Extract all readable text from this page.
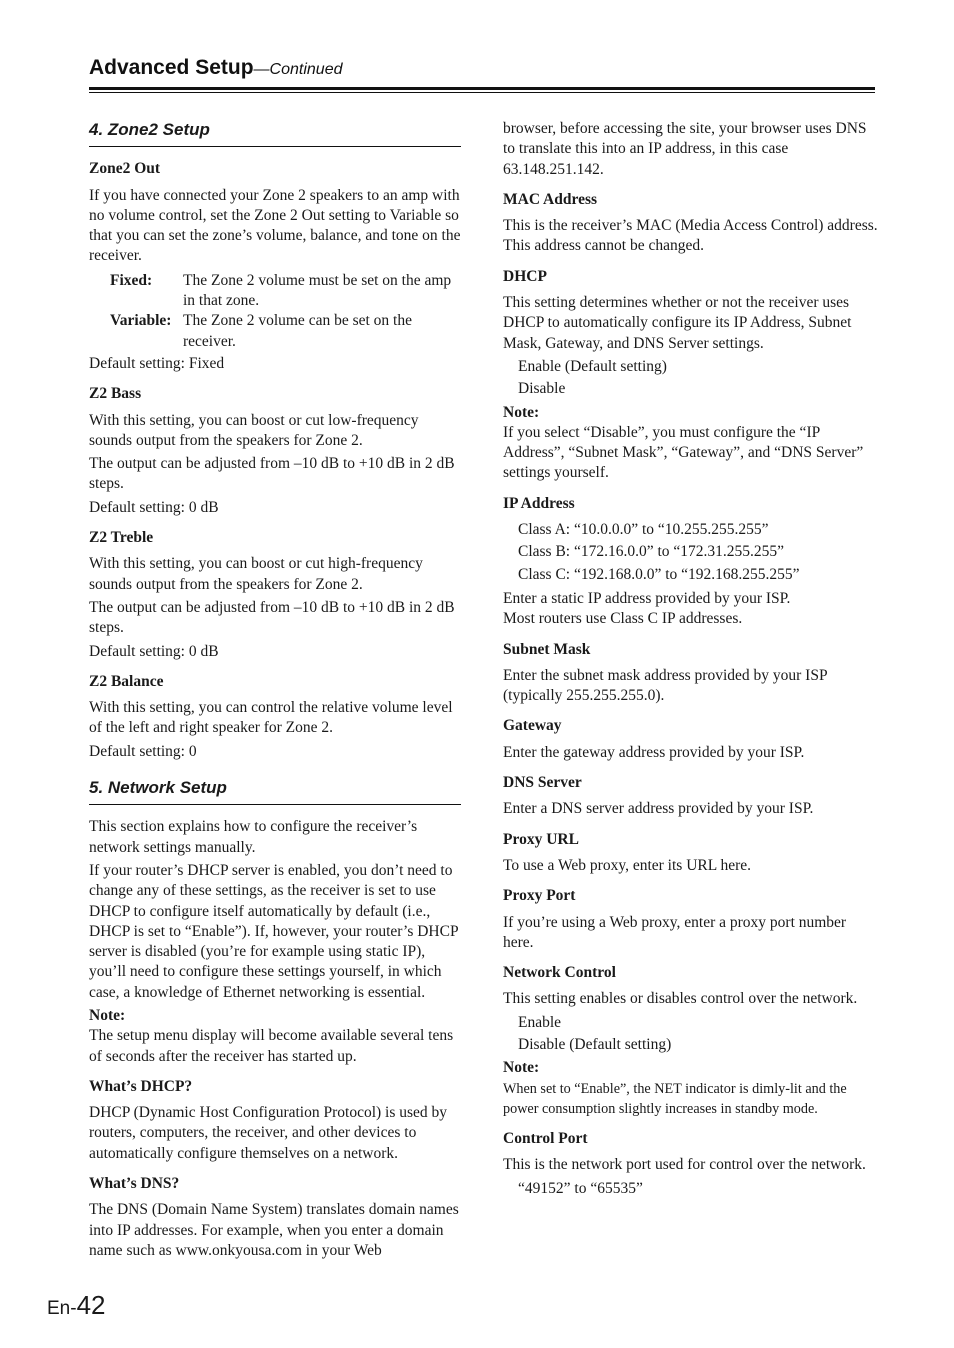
Advanced Setup—Continued
4. Zone2 Setup
Zone2 Out

If you have connected your Zone 2 speakers to an amp with no volume control, set the Zone 2 Out setting to Variable so that you can set the zone’s volume, balance, and tone on the receiver.

Fixed:	The Zone 2 volume must be set on the amp in that zone.
Variable: The Zone 2 volume can be set on the receiver.

Default setting: Fixed

Z2 Bass

With this setting, you can boost or cut low-frequency sounds output from the speakers for Zone 2.

The output can be adjusted from –10 dB to +10 dB in 2 dB steps.

Default setting: 0 dB

Z2 Treble

With this setting, you can boost or cut high-frequency sounds output from the speakers for Zone 2.

The output can be adjusted from –10 dB to +10 dB in 2 dB steps.

Default setting: 0 dB

Z2 Balance

With this setting, you can control the relative volume level of the left and right speaker for Zone 2.

Default setting: 0

5. Network Setup

This section explains how to configure the receiver’s network settings manually.

If your router’s DHCP server is enabled, you don’t need to change any of these settings, as the receiver is set to use DHCP to configure itself automatically by default (i.e., DHCP is set to “Enable”). If, however, your router’s DHCP server is disabled (you’re for example using static IP), you’ll need to configure these settings yourself, in which case, a knowledge of Ethernet networking is essential.

Note:

The setup menu display will become available several tens of seconds after the receiver has started up.

What’s DHCP?

DHCP (Dynamic Host Configuration Protocol) is used by routers, computers, the receiver, and other devices to automatically configure themselves on a network.

What’s DNS?

The DNS (Domain Name System) translates domain names into IP addresses. For example, when you enter a domain name such as www.onkyousa.com in your Web

browser, before accessing the site, your browser uses DNS to translate this into an IP address, in this case 63.148.251.142.

MAC Address

This is the receiver’s MAC (Media Access Control) address. This address cannot be changed.

DHCP

This setting determines whether or not the receiver uses DHCP to automatically configure its IP Address, Subnet Mask, Gateway, and DNS Server settings.

Enable (Default setting)

Disable

Note:

If you select “Disable”, you must configure the “IP Address”, “Subnet Mask”, “Gateway”, and “DNS Server” settings yourself.

IP Address

Class A: “10.0.0.0” to “10.255.255.255”

Class B: “172.16.0.0” to “172.31.255.255”

Class C: “192.168.0.0” to “192.168.255.255”

Enter a static IP address provided by your ISP.

Most routers use Class C IP addresses.

Subnet Mask

Enter the subnet mask address provided by your ISP (typically 255.255.255.0).

Gateway

Enter the gateway address provided by your ISP.

DNS Server

Enter a DNS server address provided by your ISP.

Proxy URL

To use a Web proxy, enter its URL here.

Proxy Port

If you’re using a Web proxy, enter a proxy port number here.

Network Control

This setting enables or disables control over the network.

Enable

Disable (Default setting)

Note:

When set to “Enable”, the NET indicator is dimly-lit and the power consumption slightly increases in standby mode.

Control Port

This is the network port used for control over the network.

“49152” to “65535”

En-42
